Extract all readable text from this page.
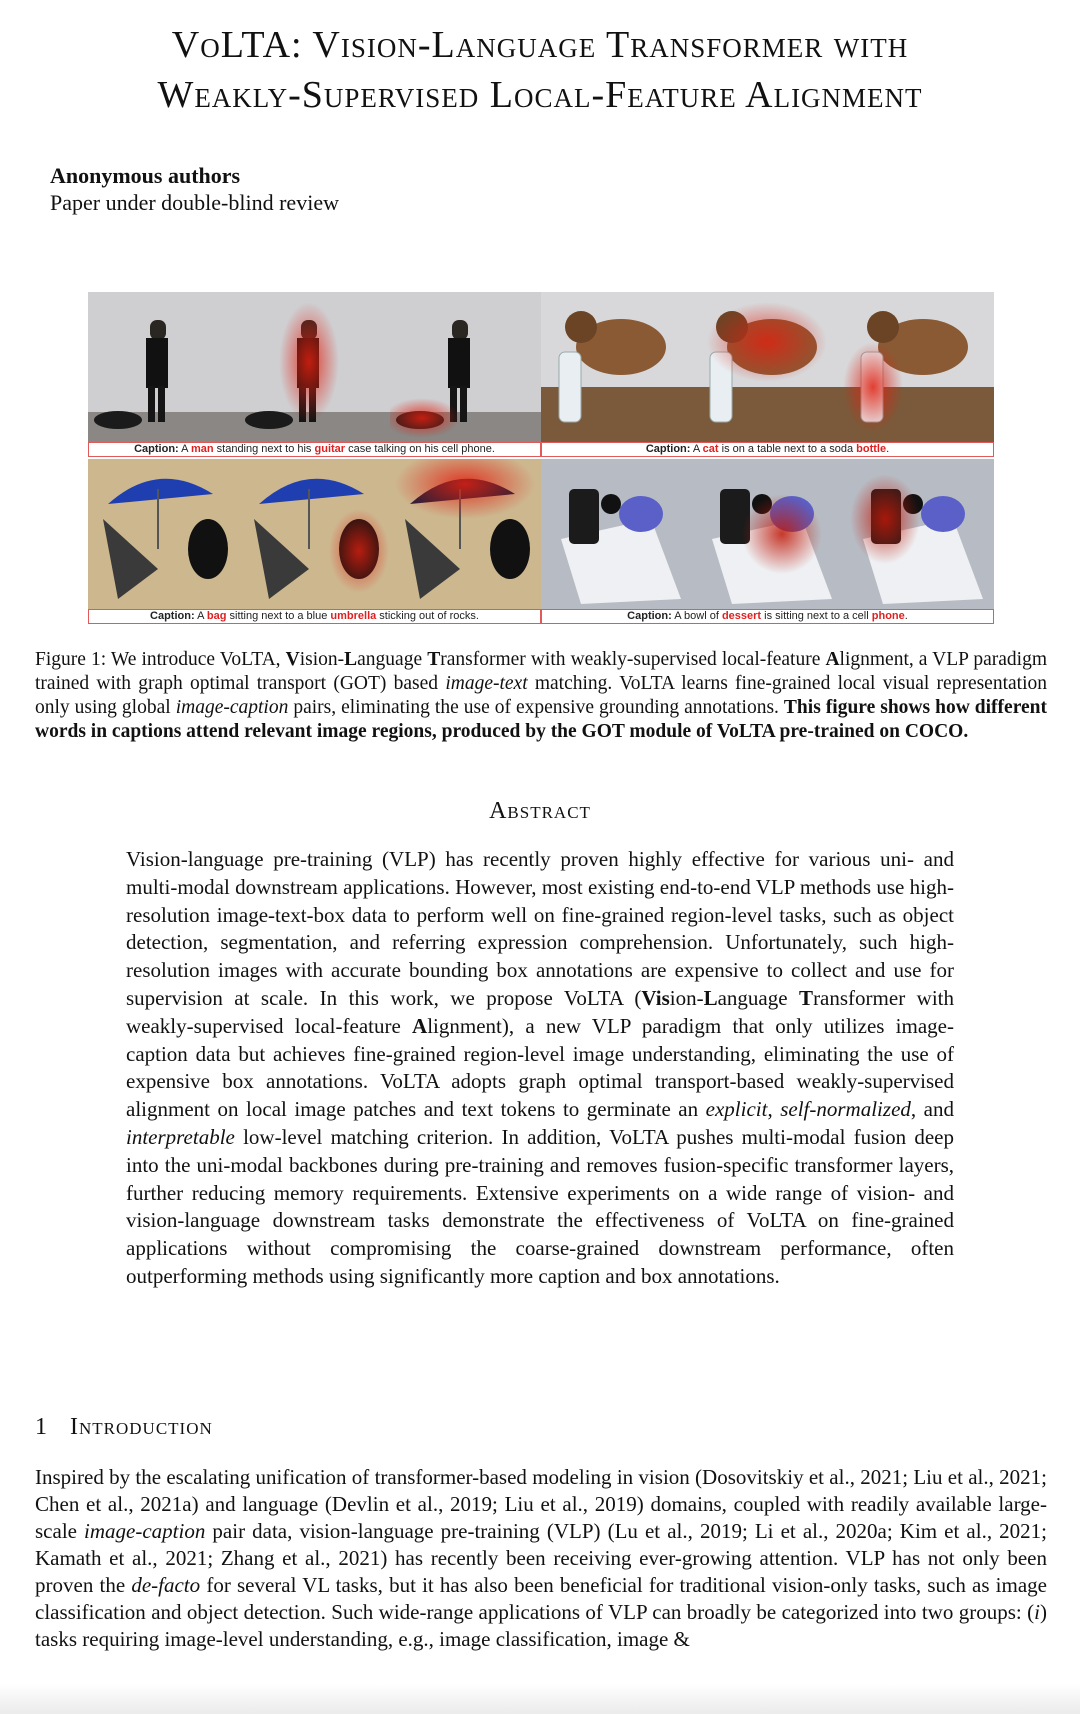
VoLTA: Vision-Language Transformer with
Weakly-Supervised Local-Feature Alignment
Anonymous authors
Paper under double-blind review
Caption: A man standing next to his guitar case talking on his cell phone.	Caption: A cat is on a table next to a soda bottle.
Caption: A bag sitting next to a blue umbrella sticking out of rocks.	Caption: A bowl of dessert is sitting next to a cell phone.
Figure 1: We introduce VoLTA, Vision-Language Transformer with weakly-supervised local-feature Alignment, a VLP paradigm trained with graph optimal transport (GOT) based image-text matching. VoLTA learns fine-grained local visual representation only using global image-caption pairs, eliminating the use of expensive grounding annotations. This figure shows how different words in captions attend relevant image regions, produced by the GOT module of VoLTA pre-trained on COCO.
Abstract
Vision-language pre-training (VLP) has recently proven highly effective for various uni- and multi-modal downstream applications. However, most existing end-to-end VLP methods use high-resolution image-text-box data to perform well on fine-grained region-level tasks, such as object detection, segmentation, and referring expression comprehension. Unfortunately, such high-resolution images with accurate bounding box annotations are expensive to collect and use for supervision at scale. In this work, we propose VoLTA (Vision-Language Transformer with weakly-supervised local-feature Alignment), a new VLP paradigm that only utilizes image-caption data but achieves fine-grained region-level image understanding, eliminating the use of expensive box annotations. VoLTA adopts graph optimal transport-based weakly-supervised alignment on local image patches and text tokens to germinate an explicit, self-normalized, and interpretable low-level matching criterion. In addition, VoLTA pushes multi-modal fusion deep into the uni-modal backbones during pre-training and removes fusion-specific transformer layers, further reducing memory requirements. Extensive experiments on a wide range of vision- and vision-language downstream tasks demonstrate the effectiveness of VoLTA on fine-grained applications without compromising the coarse-grained downstream performance, often outperforming methods using significantly more caption and box annotations.
1 Introduction
Inspired by the escalating unification of transformer-based modeling in vision (Dosovitskiy et al., 2021; Liu et al., 2021; Chen et al., 2021a) and language (Devlin et al., 2019; Liu et al., 2019) domains, coupled with readily available large-scale image-caption pair data, vision-language pre-training (VLP) (Lu et al., 2019; Li et al., 2020a; Kim et al., 2021; Kamath et al., 2021; Zhang et al., 2021) has recently been receiving ever-growing attention. VLP has not only been proven the de-facto for several VL tasks, but it has also been beneficial for traditional vision-only tasks, such as image classification and object detection. Such wide-range applications of VLP can broadly be categorized into two groups: (i) tasks requiring image-level understanding, e.g., image classification, image &
